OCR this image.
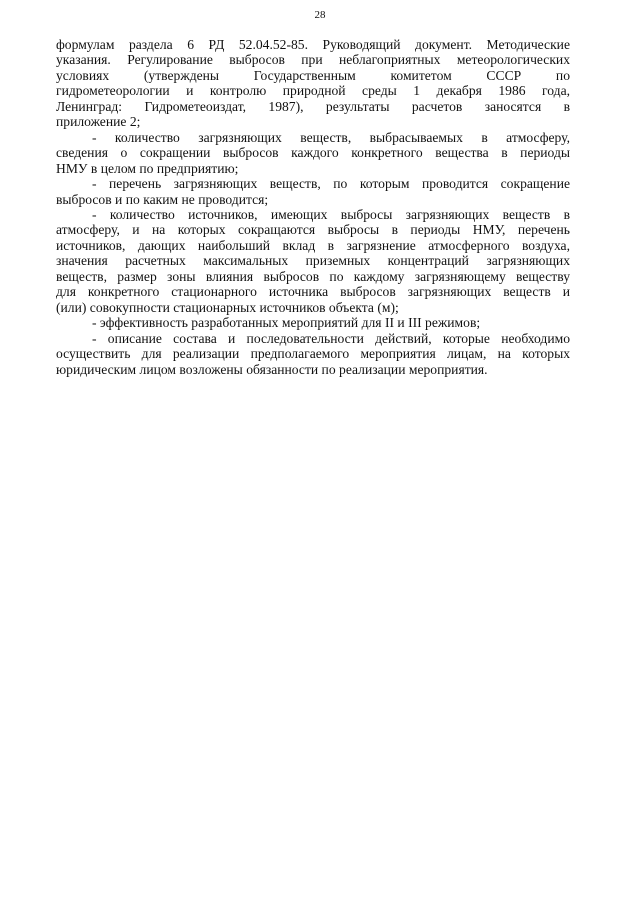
28
формулам раздела 6 РД 52.04.52-85. Руководящий документ. Методические
указания. Регулирование выбросов при неблагоприятных метеорологических
условиях (утверждены Государственным комитетом СССР по
гидрометеорологии и контролю природной среды 1 декабря 1986 года,
Ленинград: Гидрометеоиздат, 1987), результаты расчетов заносятся в
приложение 2;
- количество загрязняющих веществ, выбрасываемых в атмосферу,
сведения о сокращении выбросов каждого конкретного вещества в периоды
НМУ в целом по предприятию;
- перечень загрязняющих веществ, по которым проводится сокращение
выбросов и по каким не проводится;
- количество источников, имеющих выбросы загрязняющих веществ в
атмосферу, и на которых сокращаются выбросы в периоды НМУ, перечень
источников, дающих наибольший вклад в загрязнение атмосферного воздуха,
значения расчетных максимальных приземных концентраций загрязняющих
веществ, размер зоны влияния выбросов по каждому загрязняющему веществу
для конкретного стационарного источника выбросов загрязняющих веществ и
(или) совокупности стационарных источников объекта (м);
- эффективность разработанных мероприятий для II и III режимов;
- описание состава и последовательности действий, которые необходимо
осуществить для реализации предполагаемого мероприятия лицам, на которых
юридическим лицом возложены обязанности по реализации мероприятия.
